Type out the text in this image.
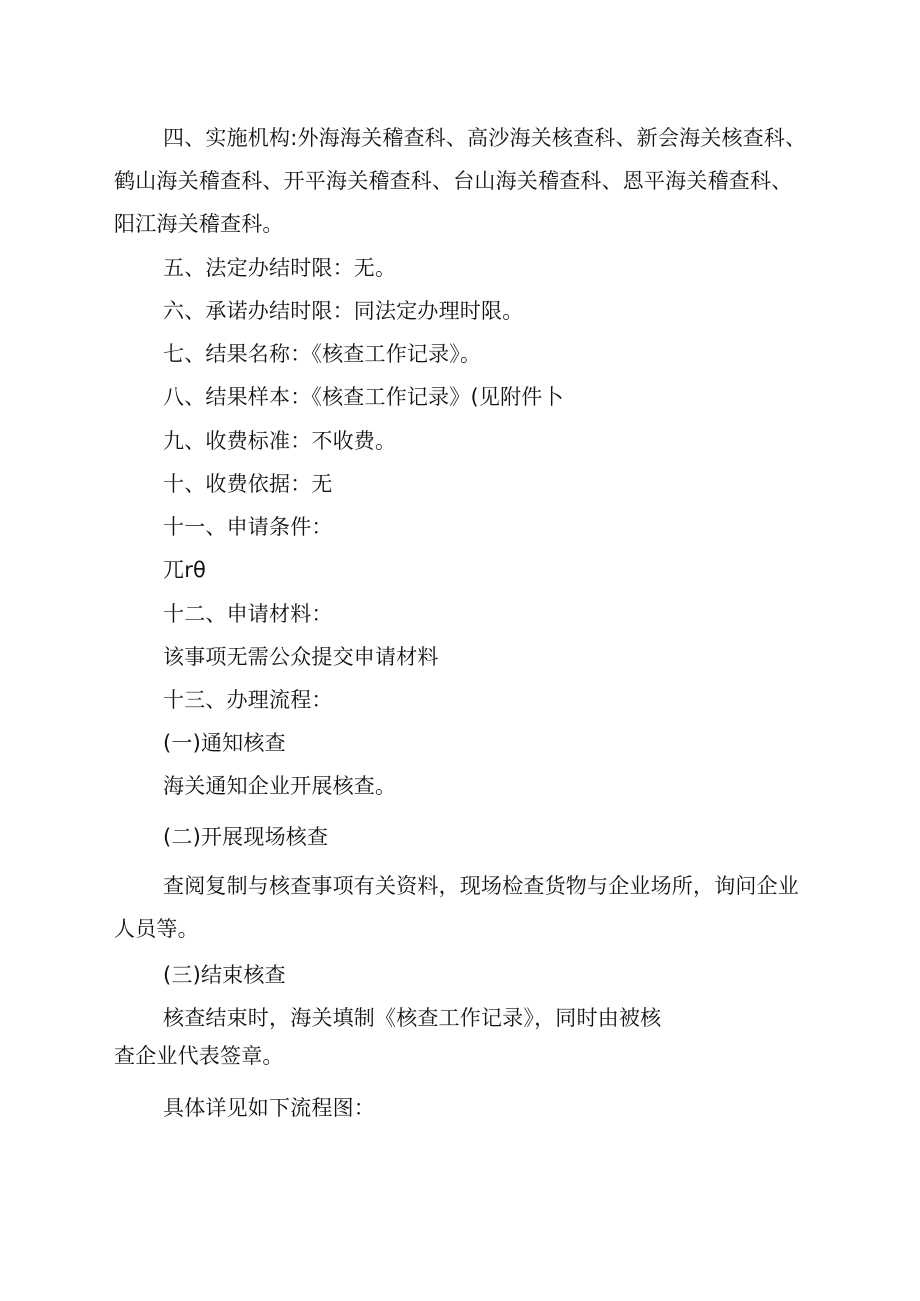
四、实施机构:外海海关稽查科、高沙海关核查科、新会海关核查科、
鹤山海关稽查科、开平海关稽查科、台山海关稽查科、恩平海关稽查科、
阳江海关稽查科。
五、法定办结时限：无。
六、承诺办结时限：同法定办理时限。
七、结果名称：《核查工作记录》。
八、结果样本：《核查工作记录》(见附件卜
九、收费标准：不收费。
十、收费依据：无
十一、申请条件：
兀rθ
十二、申请材料：
该事项无需公众提交申请材料
十三、办理流程：
(一)通知核查
海关通知企业开展核查。
(二)开展现场核查
查阅复制与核查事项有关资料，现场检查货物与企业场所，询问企业
人员等。
(三)结束核查
核查结束时，海关填制《核查工作记录》，同时由被核
查企业代表签章。
具体详见如下流程图：
